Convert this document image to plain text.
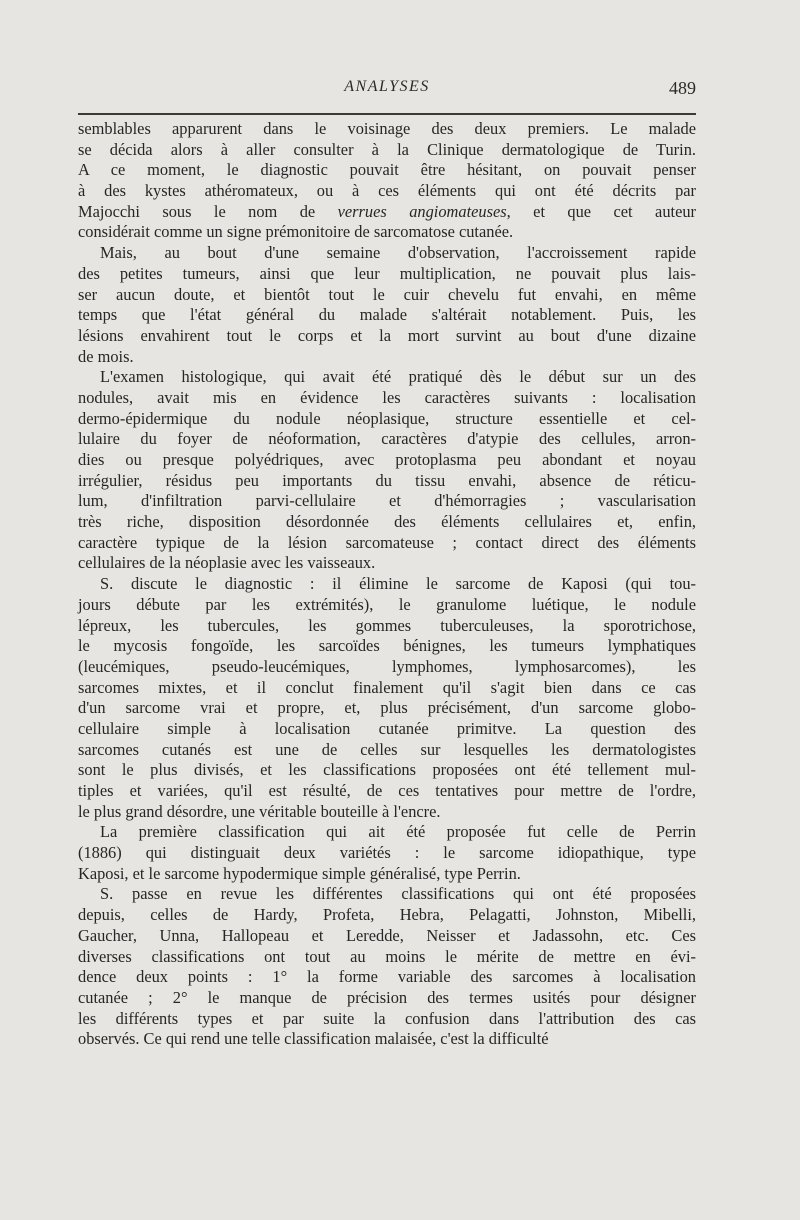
ANALYSES	489
semblables apparurent dans le voisinage des deux premiers. Le malade
se décida alors à aller consulter à la Clinique dermatologique de Turin.
A ce moment, le diagnostic pouvait être hésitant, on pouvait penser
à des kystes athéromateux, ou à ces éléments qui ont été décrits par
Majocchi sous le nom de verrues angiomateuses, et que cet auteur
considérait comme un signe prémonitoire de sarcomatose cutanée.
Mais, au bout d'une semaine d'observation, l'accroissement rapide
des petites tumeurs, ainsi que leur multiplication, ne pouvait plus lais-
ser aucun doute, et bientôt tout le cuir chevelu fut envahi, en même
temps que l'état général du malade s'altérait notablement. Puis, les
lésions envahirent tout le corps et la mort survint au bout d'une dizaine
de mois.
L'examen histologique, qui avait été pratiqué dès le début sur un des
nodules, avait mis en évidence les caractères suivants : localisation
dermo-épidermique du nodule néoplasique, structure essentielle et cel-
lulaire du foyer de néoformation, caractères d'atypie des cellules, arron-
dies ou presque polyédriques, avec protoplasma peu abondant et noyau
irrégulier, résidus peu importants du tissu envahi, absence de réticu-
lum, d'infiltration parvi-cellulaire et d'hémorragies ; vascularisation
très riche, disposition désordonnée des éléments cellulaires et, enfin,
caractère typique de la lésion sarcomateuse ; contact direct des éléments
cellulaires de la néoplasie avec les vaisseaux.
S. discute le diagnostic : il élimine le sarcome de Kaposi (qui tou-
jours débute par les extrémités), le granulome luétique, le nodule
lépreux, les tubercules, les gommes tuberculeuses, la sporotrichose,
le mycosis fongoïde, les sarcoïdes bénignes, les tumeurs lymphatiques
(leucémiques, pseudo-leucémiques, lymphomes, lymphosarcomes), les
sarcomes mixtes, et il conclut finalement qu'il s'agit bien dans ce cas
d'un sarcome vrai et propre, et, plus précisément, d'un sarcome globo-
cellulaire simple à localisation cutanée primitve. La question des
sarcomes cutanés est une de celles sur lesquelles les dermatologistes
sont le plus divisés, et les classifications proposées ont été tellement mul-
tiples et variées, qu'il est résulté, de ces tentatives pour mettre de l'ordre,
le plus grand désordre, une véritable bouteille à l'encre.
La première classification qui ait été proposée fut celle de Perrin
(1886) qui distinguait deux variétés : le sarcome idiopathique, type
Kaposi, et le sarcome hypodermique simple généralisé, type Perrin.
S. passe en revue les différentes classifications qui ont été proposées
depuis, celles de Hardy, Profeta, Hebra, Pelagatti, Johnston, Mibelli,
Gaucher, Unna, Hallopeau et Leredde, Neisser et Jadassohn, etc. Ces
diverses classifications ont tout au moins le mérite de mettre en évi-
dence deux points : 1° la forme variable des sarcomes à localisation
cutanée ; 2° le manque de précision des termes usités pour désigner
les différents types et par suite la confusion dans l'attribution des cas
observés. Ce qui rend une telle classification malaisée, c'est la difficulté
